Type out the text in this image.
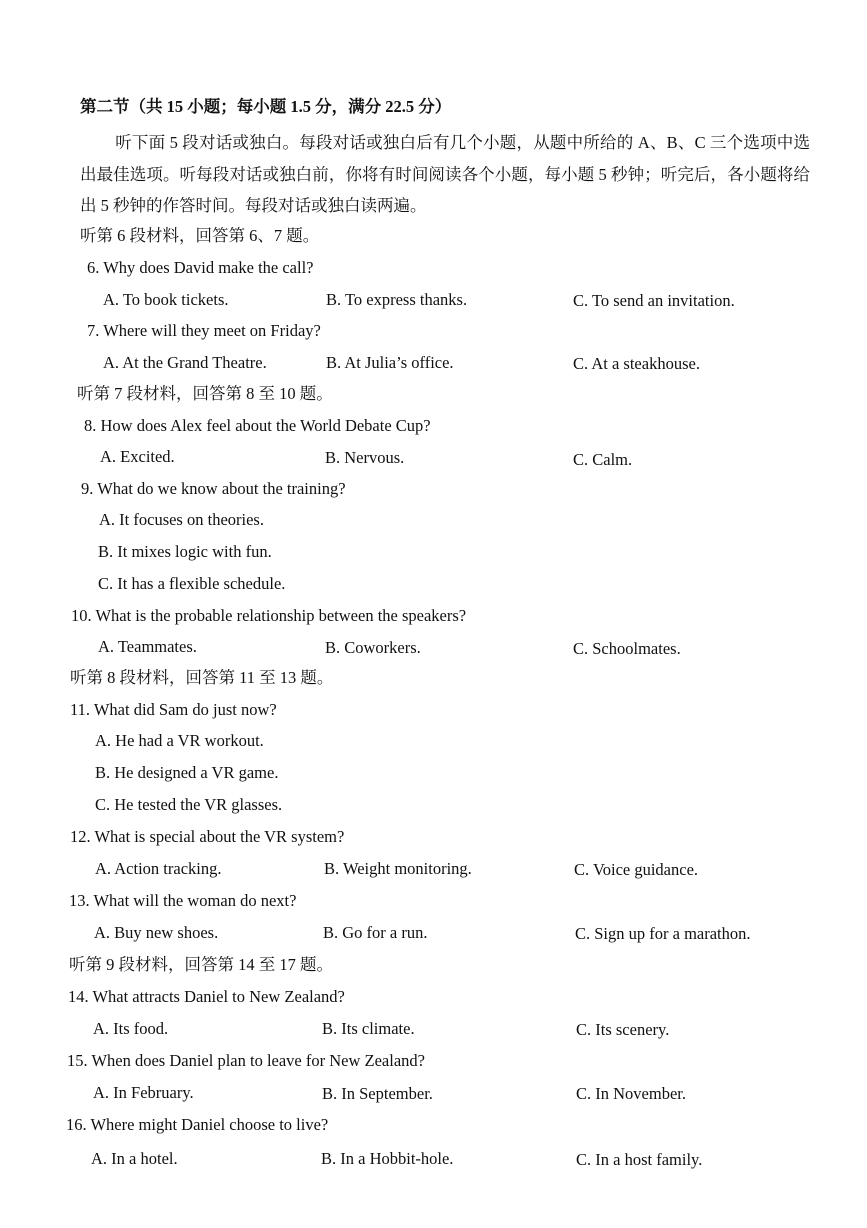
第二节（共 15 小题；每小题 1.5 分，满分 22.5 分）
听下面 5 段对话或独白。每段对话或独白后有几个小题，从题中所给的 A、B、C 三个选项中选出最佳选项。听每段对话或独白前，你将有时间阅读各个小题，每小题 5 秒钟；听完后，各小题将给出 5 秒钟的作答时间。每段对话或独白读两遍。
听第 6 段材料，回答第 6、7 题。
6. Why does David make the call?
A. To book tickets.	B. To express thanks.	C. To send an invitation.
7. Where will they meet on Friday?
A. At the Grand Theatre.	B. At Julia’s office.	C. At a steakhouse.
听第 7 段材料，回答第 8 至 10 题。
8. How does Alex feel about the World Debate Cup?
A. Excited.	B. Nervous.	C. Calm.
9. What do we know about the training?
A. It focuses on theories.
B. It mixes logic with fun.
C. It has a flexible schedule.
10. What is the probable relationship between the speakers?
A. Teammates.	B. Coworkers.	C. Schoolmates.
听第 8 段材料，回答第 11 至 13 题。
11. What did Sam do just now?
A. He had a VR workout.
B. He designed a VR game.
C. He tested the VR glasses.
12. What is special about the VR system?
A. Action tracking.	B. Weight monitoring.	C. Voice guidance.
13. What will the woman do next?
A. Buy new shoes.	B. Go for a run.	C. Sign up for a marathon.
听第 9 段材料，回答第 14 至 17 题。
14. What attracts Daniel to New Zealand?
A. Its food.	B. Its climate.	C. Its scenery.
15. When does Daniel plan to leave for New Zealand?
A. In February.	B. In September.	C. In November.
16. Where might Daniel choose to live?
A. In a hotel.	B. In a Hobbit-hole.	C. In a host family.
